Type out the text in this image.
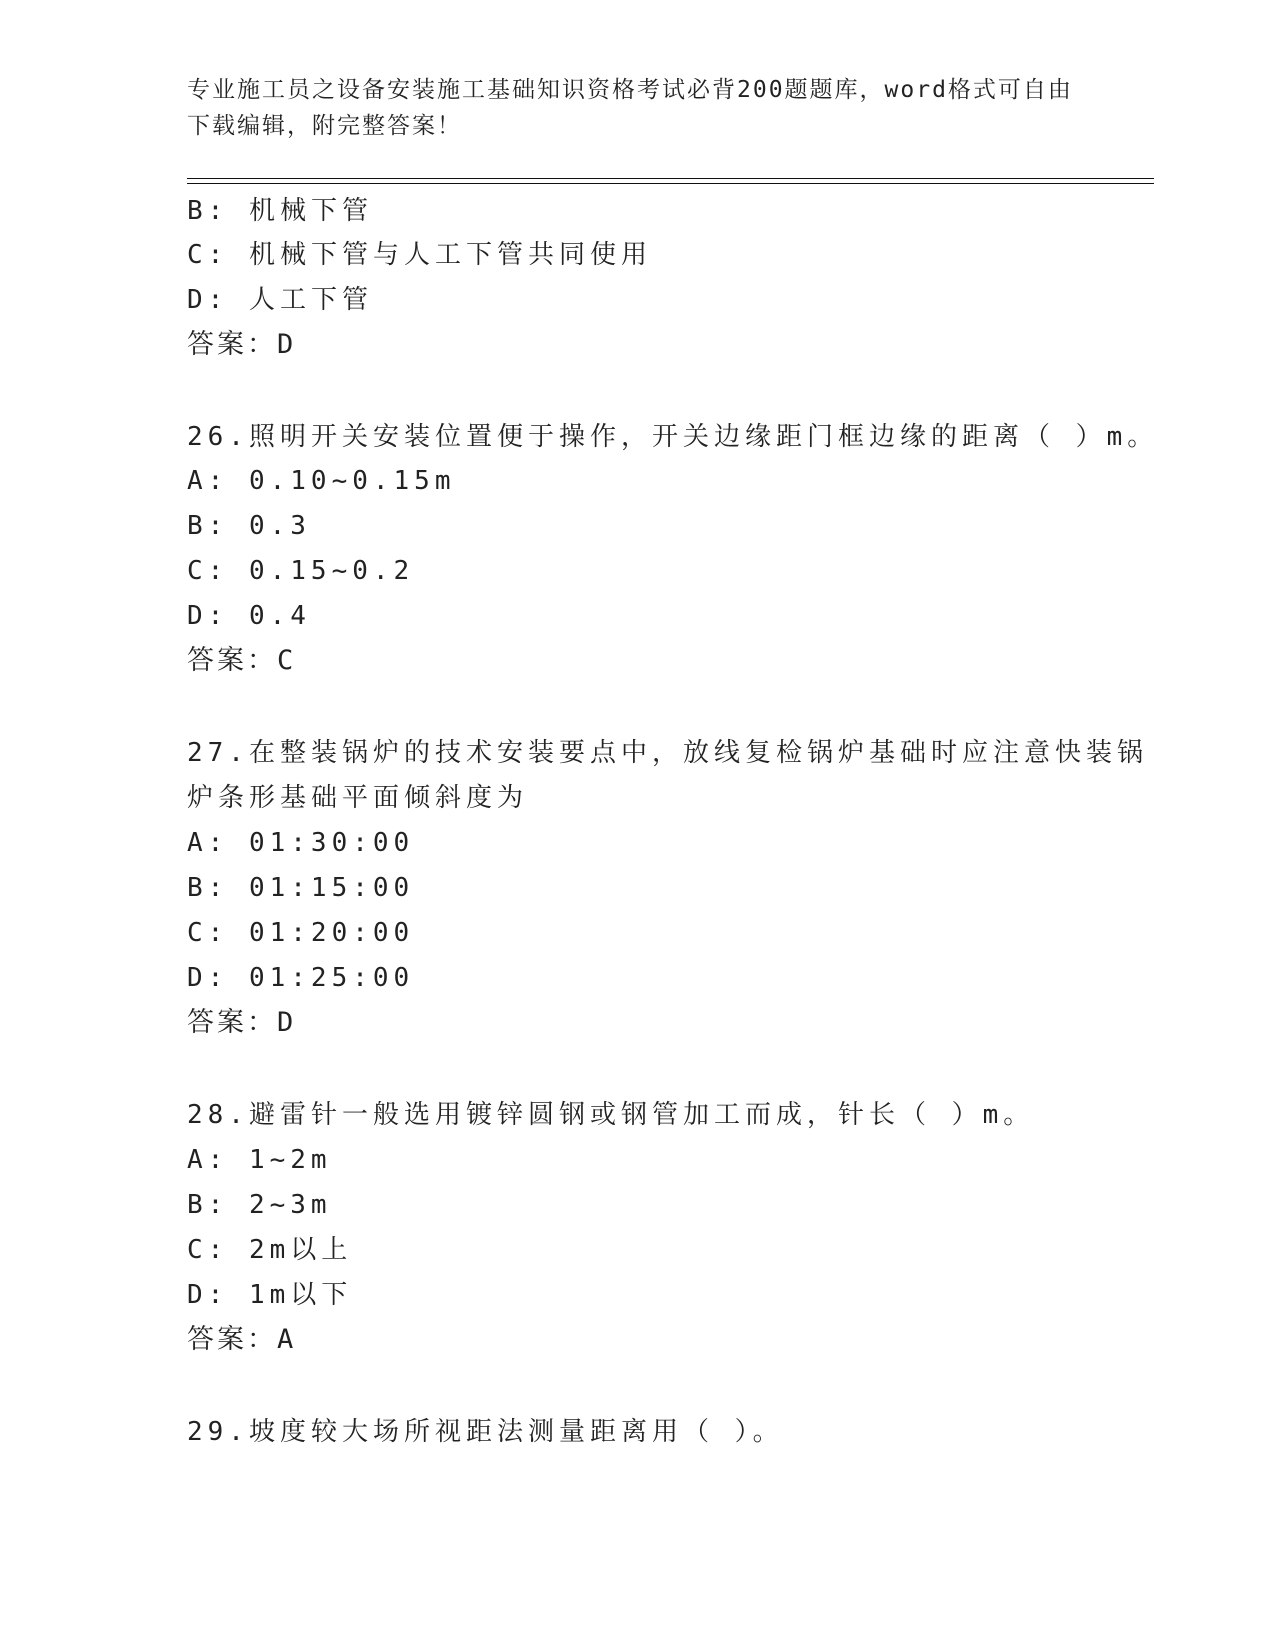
专业施工员之设备安装施工基础知识资格考试必背200题题库，word格式可自由
下载编辑，附完整答案！

B: 机械下管

C: 机械下管与人工下管共同使用

D: 人工下管

答案：D

26.照明开关安装位置便于操作，开关边缘距门框边缘的距离（ ）m。

A: 0.10~0.15m

B: 0.3

C: 0.15~0.2

D: 0.4

答案：C

27.在整装锅炉的技术安装要点中，放线复检锅炉基础时应注意快装锅

炉条形基础平面倾斜度为

A: 01:30:00

B: 01:15:00

C: 01:20:00

D: 01:25:00

答案：D

28.避雷针一般选用镀锌圆钢或钢管加工而成，针长（ ）m。

A: 1~2m

B: 2~3m

C: 2m以上

D: 1m以下

答案：A

29.坡度较大场所视距法测量距离用（ ）。
